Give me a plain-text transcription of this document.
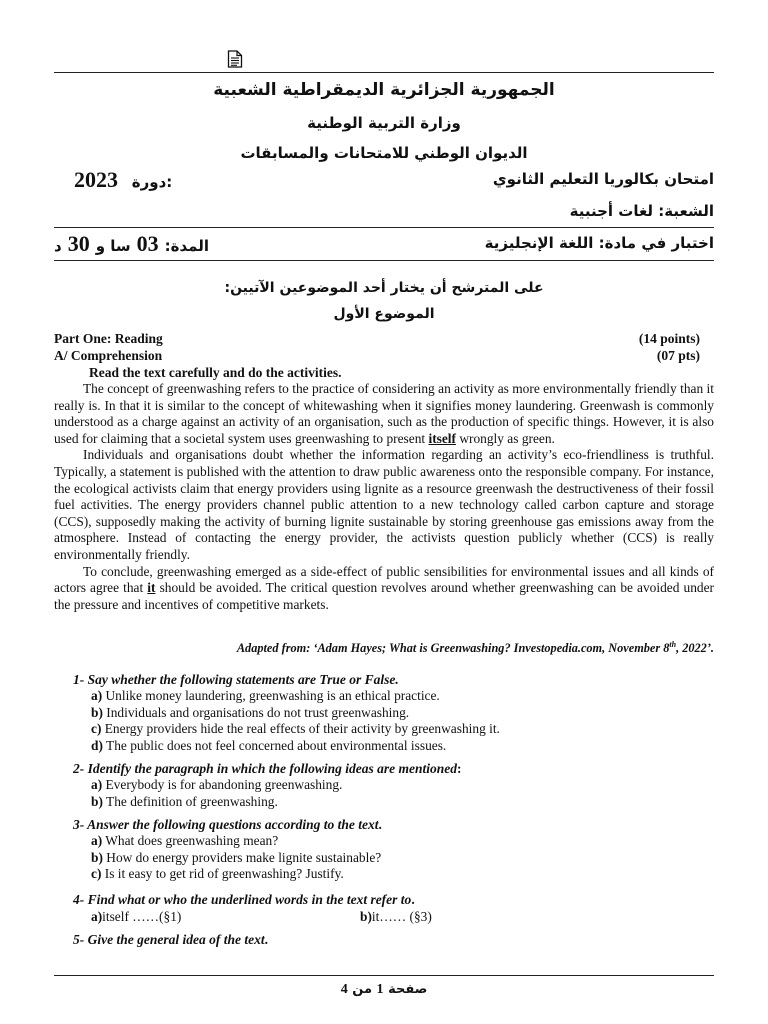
الجمهورية الجزائرية الديمقراطية الشعبية
وزارة التربية الوطنية
الديوان الوطني للامتحانات والمسابقات
امتحان بكالوريا التعليم الثانوي
2023 دورة:
الشعبة: لغات أجنبية
اختبار في مادة: اللغة الإنجليزية
المدة:
03
سا و
30
د
على المترشح أن يختار أحد الموضوعين الآتيين:
الموضوع الأول
Part One: Reading	(14 points)
A/ Comprehension	(07 pts)
Read the text carefully and do the activities.

The concept of greenwashing refers to the practice of considering an activity as more environmentally friendly than it really is. In that it is similar to the concept of whitewashing when it signifies money laundering. Greenwash is commonly understood as a charge against an activity of an organisation, such as the production of specific things. However, it is also used for claiming that a societal system uses greenwashing to present itself wrongly as green.

Individuals and organisations doubt whether the information regarding an activity’s eco-friendliness is truthful. Typically, a statement is published with the attention to draw public awareness onto the responsible company. For instance, the ecological activists claim that energy providers using lignite as a resource greenwash the destructiveness of their fossil fuel activities. The energy providers channel public attention to a new technology called carbon capture and storage (CCS), supposedly making the activity of burning lignite sustainable by storing greenhouse gas emissions away from the atmosphere. Instead of contacting the energy provider, the activists question publicly whether (CCS) is really environmentally friendly.

To conclude, greenwashing emerged as a side-effect of public sensibilities for environmental issues and all kinds of actors agree that it should be avoided. The critical question revolves around whether greenwashing can be avoided under the pressure and incentives of competitive markets.

Adapted from: ‘Adam Hayes; What is Greenwashing? Investopedia.com, November 8th, 2022’.
1- Say whether the following statements are True or False.
a) Unlike money laundering, greenwashing is an ethical practice.
b) Individuals and organisations do not trust greenwashing.
c) Energy providers hide the real effects of their activity by greenwashing it.
d) The public does not feel concerned about environmental issues.
2- Identify the paragraph in which the following ideas are mentioned:
a) Everybody is for abandoning greenwashing.
b) The definition of greenwashing.
3- Answer the following questions according to the text.
a) What does greenwashing mean?
b) How do energy providers make lignite sustainable?
c) Is it easy to get rid of greenwashing? Justify.
4- Find what or who the underlined words in the text refer to.
a) itself ……(§1)	b) it…… (§3)
5- Give the general idea of the text.
صفحة 1 من 4
